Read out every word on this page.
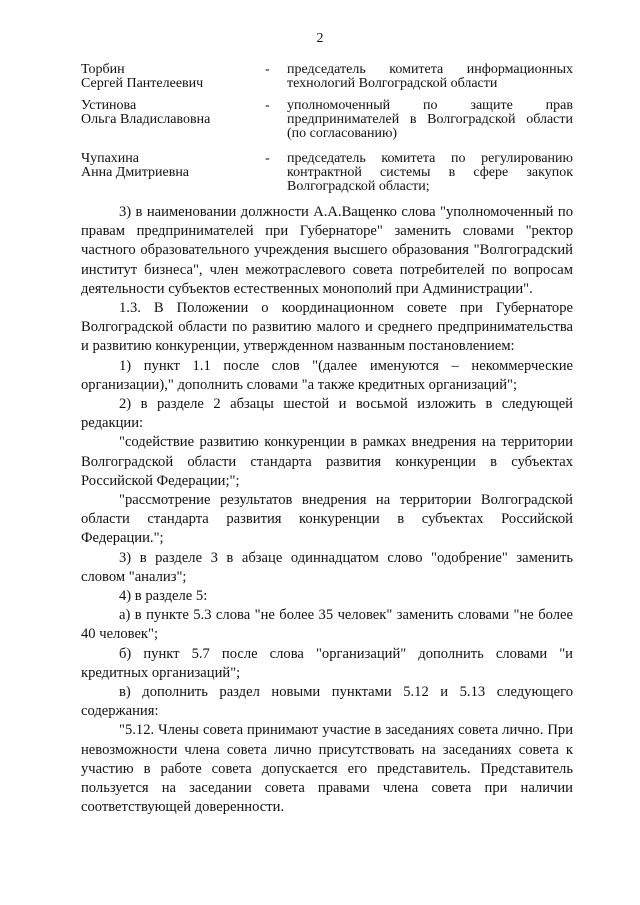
2
Торбин
Сергей Пантелеевич
- председатель комитета информационных технологий Волгоградской области
Устинова
Ольга Владиславовна
- уполномоченный по защите прав предпринимателей в Волгоградской области (по согласованию)
Чупахина
Анна Дмитриевна
- председатель комитета по регулированию контрактной системы в сфере закупок Волгоградской области;

3) в наименовании должности А.А.Ващенко слова "уполномоченный по правам предпринимателей при Губернаторе" заменить словами "ректор частного образовательного учреждения высшего образования "Волгоградский институт бизнеса", член межотраслевого совета потребителей по вопросам деятельности субъектов естественных монополий при Администрации".

1.3. В Положении о координационном совете при Губернаторе Волгоградской области по развитию малого и среднего предпринимательства и развитию конкуренции, утвержденном названным постановлением:

1) пункт 1.1 после слов "(далее именуются – некоммерческие организации)," дополнить словами "а также кредитных организаций";

2) в разделе 2 абзацы шестой и восьмой изложить в следующей редакции:

"содействие развитию конкуренции в рамках внедрения на территории Волгоградской области стандарта развития конкуренции в субъектах Российской Федерации;";

"рассмотрение результатов внедрения на территории Волгоградской области стандарта развития конкуренции в субъектах Российской Федерации.";

3) в разделе 3 в абзаце одиннадцатом слово "одобрение" заменить словом "анализ";

4) в разделе 5:

а) в пункте 5.3 слова "не более 35 человек" заменить словами "не более 40 человек";

б) пункт 5.7 после слова "организаций" дополнить словами "и кредитных организаций";

в) дополнить раздел новыми пунктами 5.12 и 5.13 следующего содержания:

"5.12. Члены совета принимают участие в заседаниях совета лично. При невозможности члена совета лично присутствовать на заседаниях совета к участию в работе совета допускается его представитель. Представитель пользуется на заседании совета правами члена совета при наличии соответствующей доверенности.
